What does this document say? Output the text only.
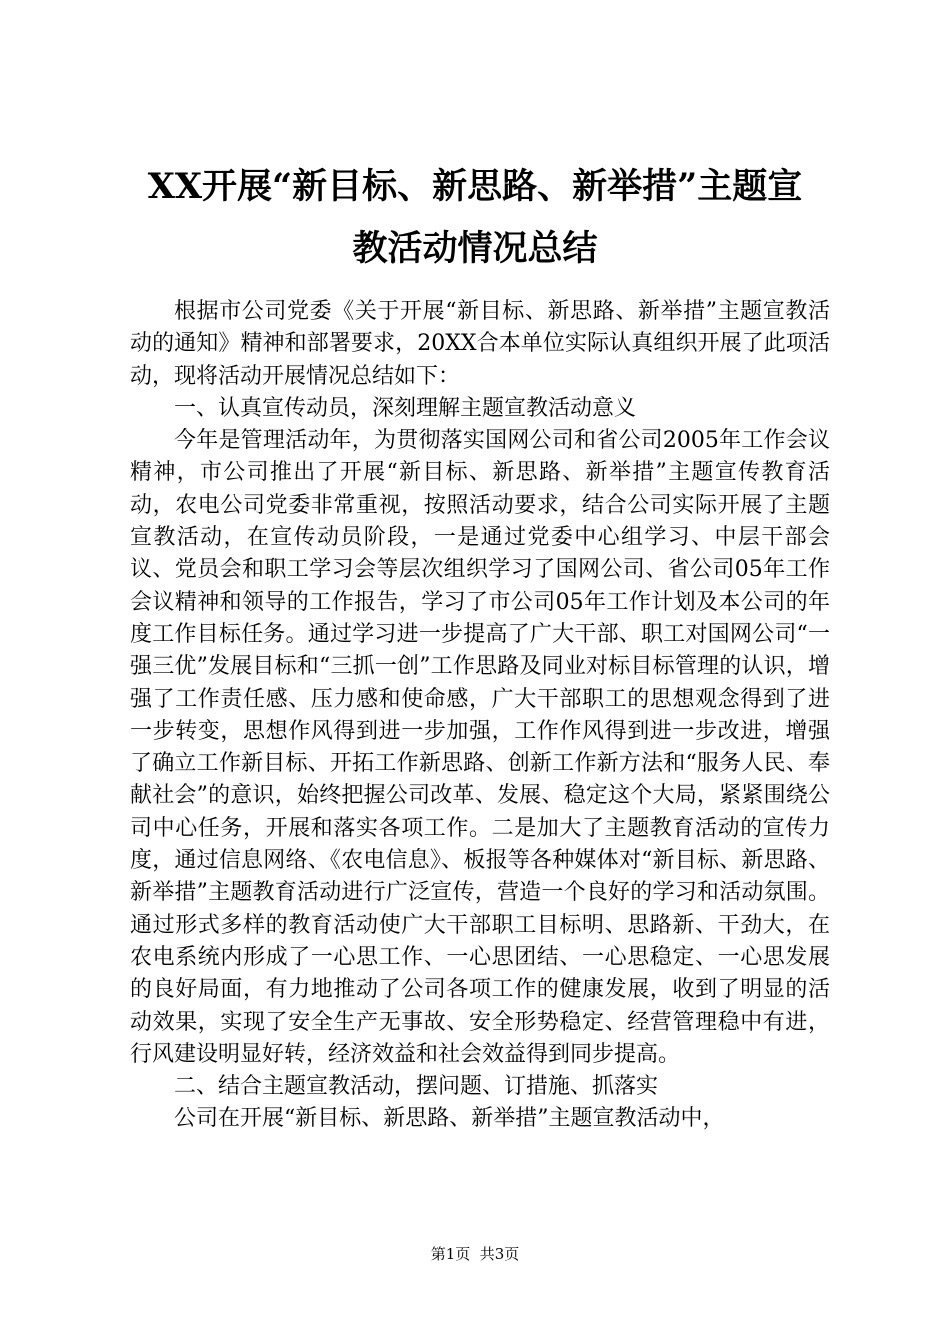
XX开展“新目标、新思路、新举措”主题宣
教活动情况总结

根据市公司党委《关于开展“新目标、新思路、新举措”主题宣教活动的通知》精神和部署要求，20XX合本单位实际认真组织开展了此项活动，现将活动开展情况总结如下：

一、认真宣传动员，深刻理解主题宣教活动意义

今年是管理活动年，为贯彻落实国网公司和省公司2005年工作会议精神，市公司推出了开展“新目标、新思路、新举措”主题宣传教育活动，农电公司党委非常重视，按照活动要求，结合公司实际开展了主题宣教活动，在宣传动员阶段，一是通过党委中心组学习、中层干部会议、党员会和职工学习会等层次组织学习了国网公司、省公司05年工作会议精神和领导的工作报告，学习了市公司05年工作计划及本公司的年度工作目标任务。通过学习进一步提高了广大干部、职工对国网公司“一强三优”发展目标和“三抓一创”工作思路及同业对标目标管理的认识，增强了工作责任感、压力感和使命感，广大干部职工的思想观念得到了进一步转变，思想作风得到进一步加强，工作作风得到进一步改进，增强了确立工作新目标、开拓工作新思路、创新工作新方法和“服务人民、奉献社会”的意识，始终把握公司改革、发展、稳定这个大局，紧紧围绕公司中心任务，开展和落实各项工作。二是加大了主题教育活动的宣传力度，通过信息网络、《农电信息》、板报等各种媒体对“新目标、新思路、新举措”主题教育活动进行广泛宣传，营造一个良好的学习和活动氛围。通过形式多样的教育活动使广大干部职工目标明、思路新、干劲大，在农电系统内形成了一心思工作、一心思团结、一心思稳定、一心思发展的良好局面，有力地推动了公司各项工作的健康发展，收到了明显的活动效果，实现了安全生产无事故、安全形势稳定、经营管理稳中有进，行风建设明显好转，经济效益和社会效益得到同步提高。

二、结合主题宣教活动，摆问题、订措施、抓落实

公司在开展“新目标、新思路、新举措”主题宣教活动中，

第1页  共3页
